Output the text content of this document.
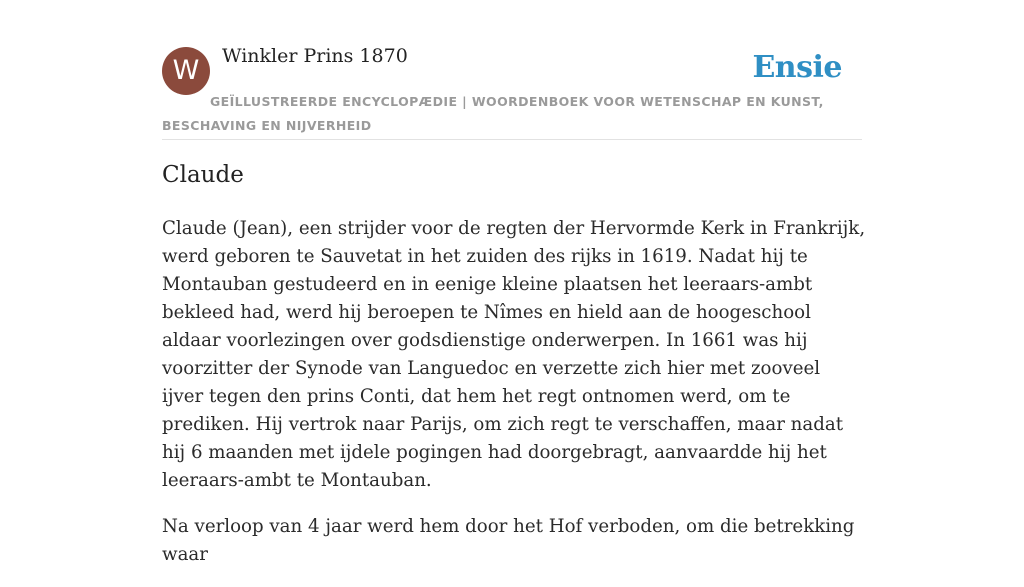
W	Winkler Prins 1870	Ensie
GEÏLLUSTREERDE ENCYCLOPÆDIE | WOORDENBOEK VOOR WETENSCHAP EN KUNST, BESCHAVING EN NIJVERHEID
Claude

Claude (Jean), een strijder voor de regten der Hervormde Kerk in Frankrijk, werd geboren te Sauvetat in het zuiden des rijks in 1619. Nadat hij te Montauban gestudeerd en in eenige kleine plaatsen het leeraars-ambt bekleed had, werd hij beroepen te Nîmes en hield aan de hoogeschool aldaar voorlezingen over godsdienstige onderwerpen. In 1661 was hij voorzitter der Synode van Languedoc en verzette zich hier met zooveel ijver tegen den prins Conti, dat hem het regt ontnomen werd, om te prediken. Hij vertrok naar Parijs, om zich regt te verschaffen, maar nadat hij 6 maanden met ijdele pogingen had doorgebragt, aanvaardde hij het leeraars-ambt te Montauban.

Na verloop van 4 jaar werd hem door het Hof verboden, om die betrekking waar
